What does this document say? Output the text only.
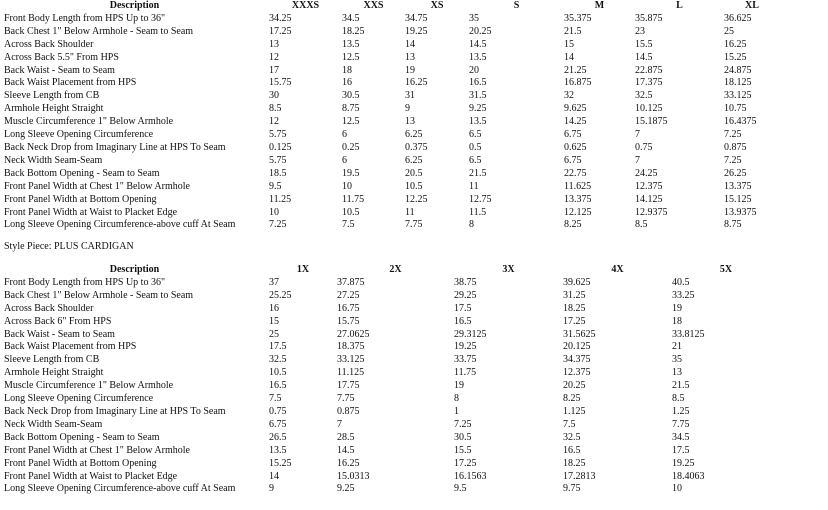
Description	XXXS	XXS	XS	S	M	L	XL
Front Body Length from HPS Up to 36"	34.25	34.5	34.75	35	35.375	35.875	36.625
Back Chest 1" Below Armhole - Seam to Seam	17.25	18.25	19.25	20.25	21.5	23	25
Across Back Shoulder	13	13.5	14	14.5	15	15.5	16.25
Across Back 5.5" From HPS	12	12.5	13	13.5	14	14.5	15.25
Back Waist - Seam to Seam	17	18	19	20	21.25	22.875	24.875
Back Waist Placement from HPS	15.75	16	16.25	16.5	16.875	17.375	18.125
Sleeve Length from CB	30	30.5	31	31.5	32	32.5	33.125
Armhole Height Straight	8.5	8.75	9	9.25	9.625	10.125	10.75
Muscle Circumference 1" Below Armhole	12	12.5	13	13.5	14.25	15.1875	16.4375
Long Sleeve Opening Circumference	5.75	6	6.25	6.5	6.75	7	7.25
Back Neck Drop from Imaginary Line at HPS To Seam	0.125	0.25	0.375	0.5	0.625	0.75	0.875
Neck Width Seam-Seam	5.75	6	6.25	6.5	6.75	7	7.25
Back Bottom Opening - Seam to Seam	18.5	19.5	20.5	21.5	22.75	24.25	26.25
Front Panel Width at Chest 1" Below Armhole	9.5	10	10.5	11	11.625	12.375	13.375
Front Panel Width at Bottom Opening	11.25	11.75	12.25	12.75	13.375	14.125	15.125
Front Panel Width at Waist to Placket Edge	10	10.5	11	11.5	12.125	12.9375	13.9375
Long Sleeve Opening Circumference-above cuff At Seam	7.25	7.5	7.75	8	8.25	8.5	8.75
Style Piece: PLUS CARDIGAN
Description	1X	2X	3X	4X	5X
Front Body Length from HPS Up to 36"	37	37.875	38.75	39.625	40.5
Back Chest 1" Below Armhole - Seam to Seam	25.25	27.25	29.25	31.25	33.25
Across Back Shoulder	16	16.75	17.5	18.25	19
Across Back 6" From HPS	15	15.75	16.5	17.25	18
Back Waist - Seam to Seam	25	27.0625	29.3125	31.5625	33.8125
Back Waist Placement from HPS	17.5	18.375	19.25	20.125	21
Sleeve Length from CB	32.5	33.125	33.75	34.375	35
Armhole Height Straight	10.5	11.125	11.75	12.375	13
Muscle Circumference 1" Below Armhole	16.5	17.75	19	20.25	21.5
Long Sleeve Opening Circumference	7.5	7.75	8	8.25	8.5
Back Neck Drop from Imaginary Line at HPS To Seam	0.75	0.875	1	1.125	1.25
Neck Width Seam-Seam	6.75	7	7.25	7.5	7.75
Back Bottom Opening - Seam to Seam	26.5	28.5	30.5	32.5	34.5
Front Panel Width at Chest 1" Below Armhole	13.5	14.5	15.5	16.5	17.5
Front Panel Width at Bottom Opening	15.25	16.25	17.25	18.25	19.25
Front Panel Width at Waist to Placket Edge	14	15.0313	16.1563	17.2813	18.4063
Long Sleeve Opening Circumference-above cuff At Seam	9	9.25	9.5	9.75	10
